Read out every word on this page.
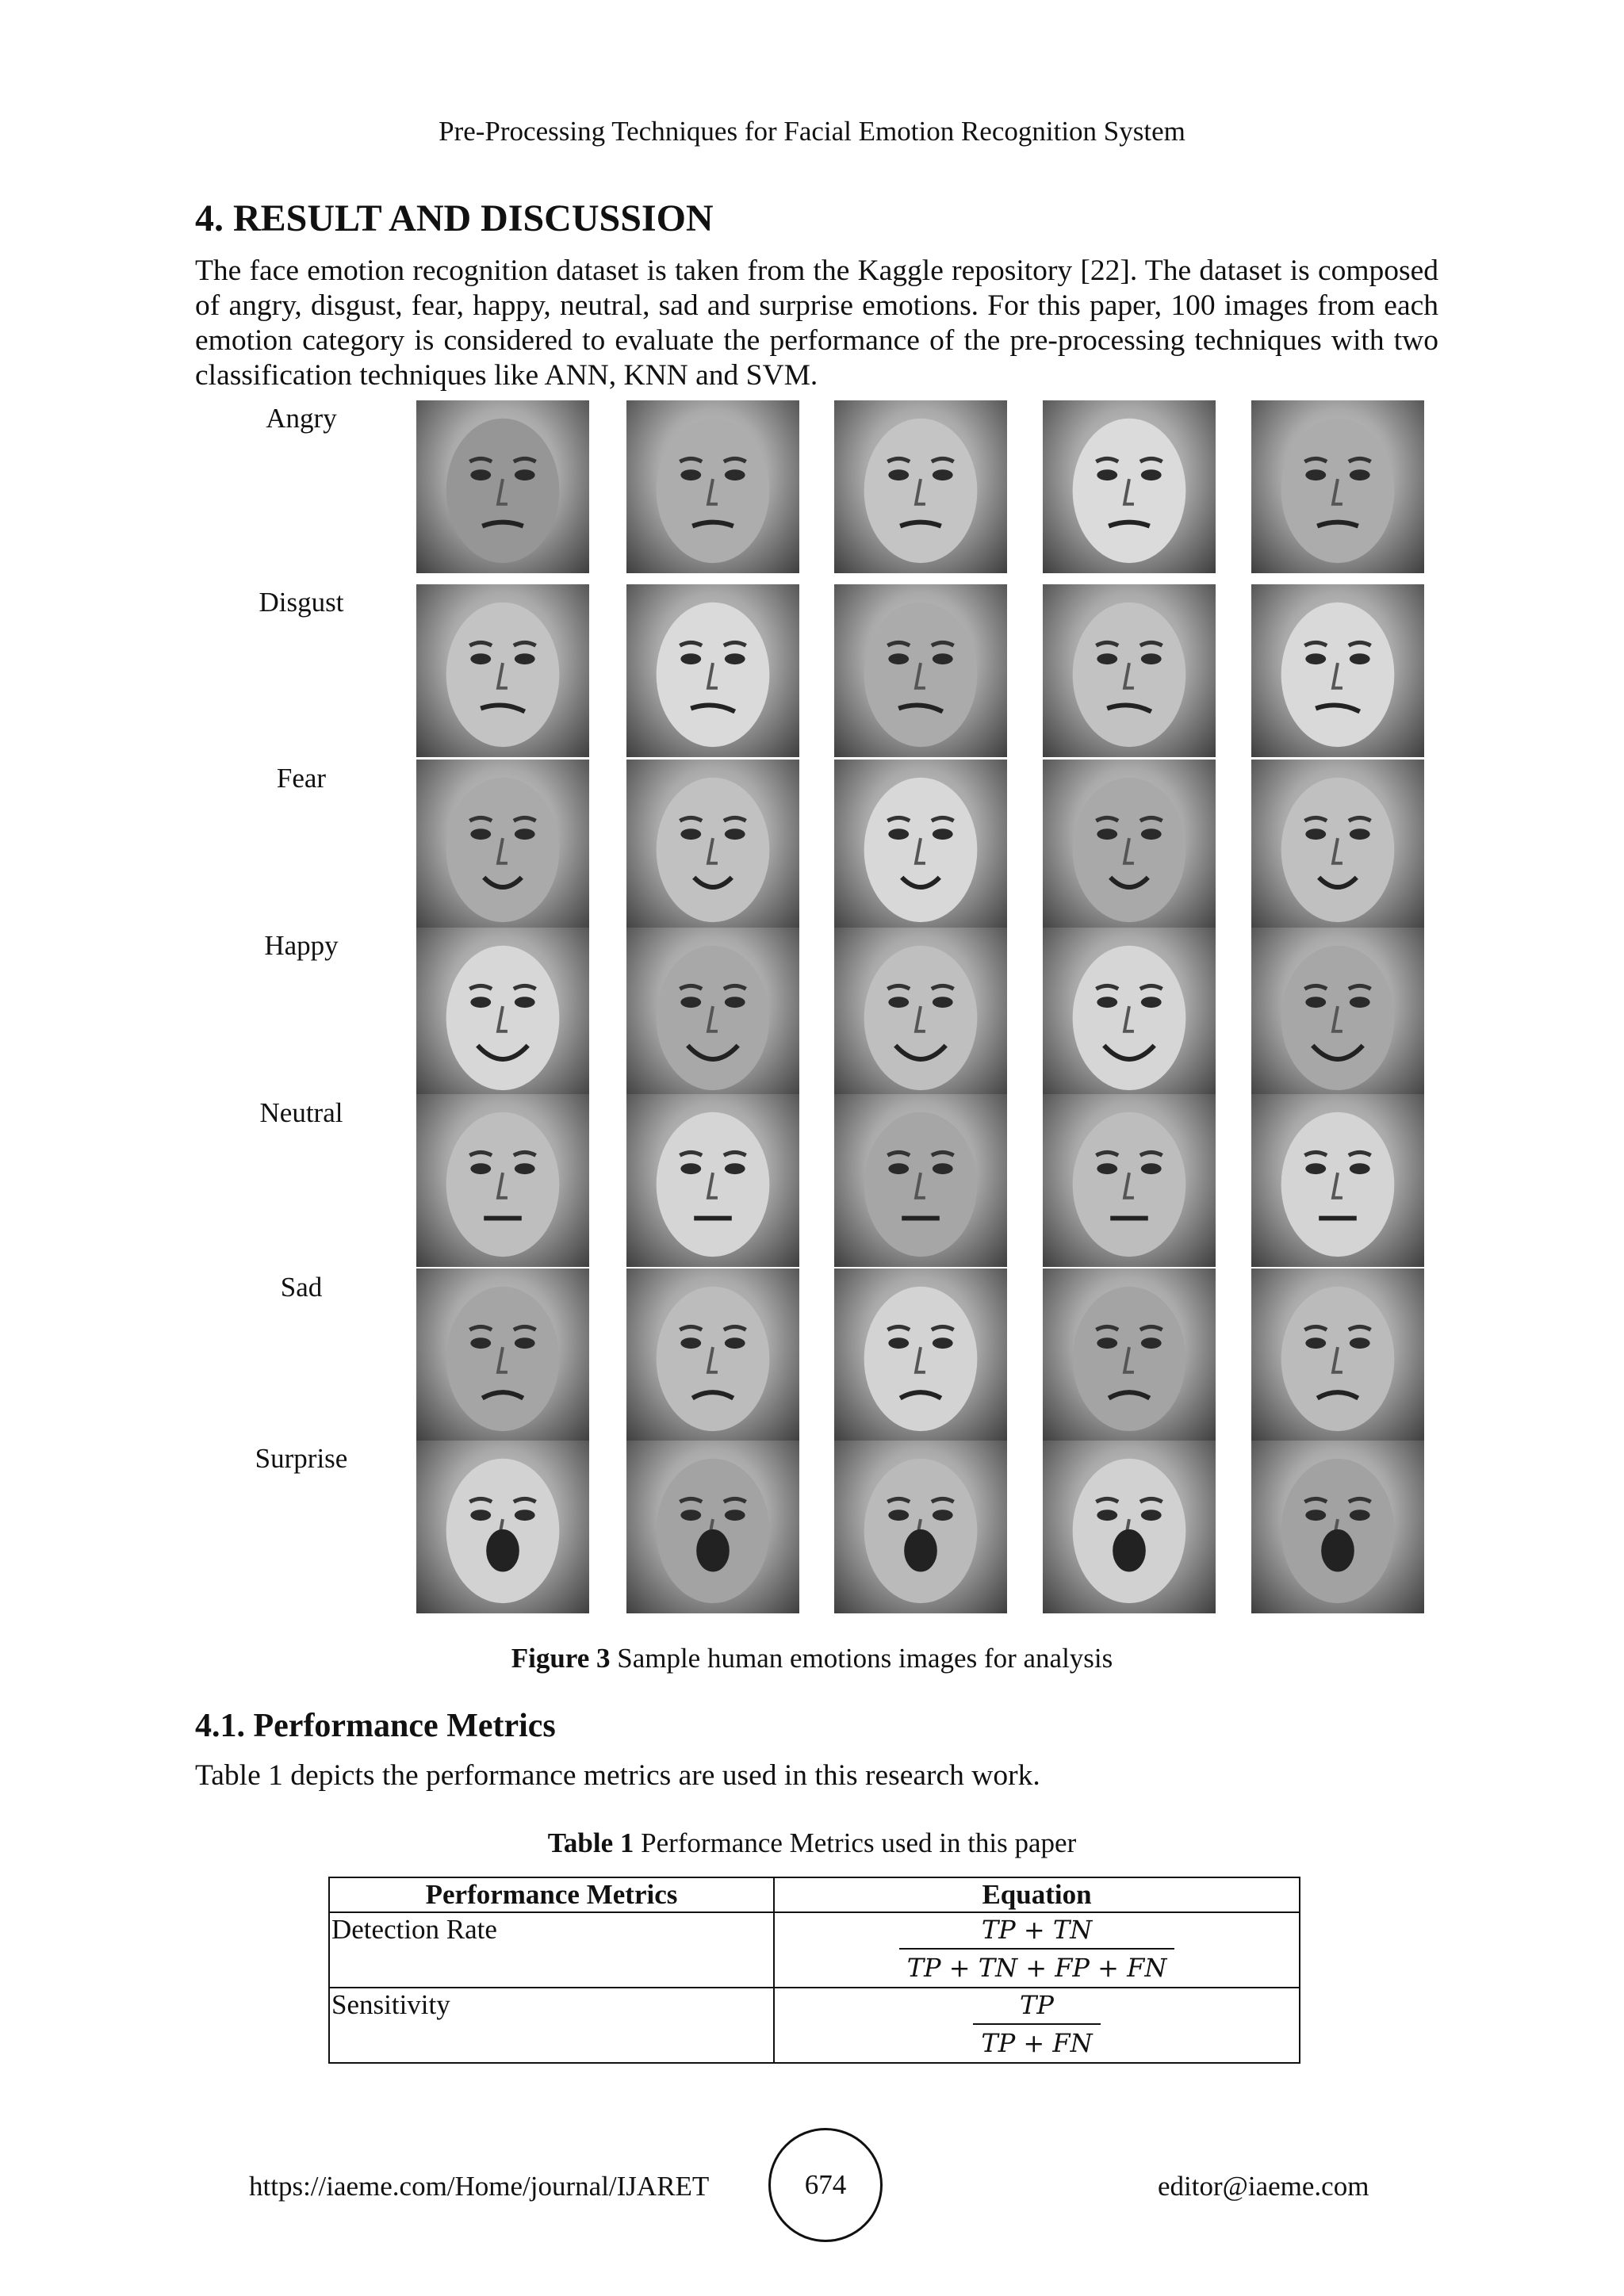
Pre-Processing Techniques for Facial Emotion Recognition System
4. RESULT AND DISCUSSION

The face emotion recognition dataset is taken from the Kaggle repository [22]. The dataset is composed of angry, disgust, fear, happy, neutral, sad and surprise emotions. For this paper, 100 images from each emotion category is considered to evaluate the performance of the pre-processing techniques with two classification techniques like ANN, KNN and SVM.

Angry
Disgust
Fear
Happy
Neutral
Sad
Surprise
Figure 3 Sample human emotions images for analysis
4.1. Performance Metrics

Table 1 depicts the performance metrics are used in this research work.

Table 1 Performance Metrics used in this paper
Performance Metrics	Equation
Detection Rate	$\frac{TP + TN}{TP + TN + FP + FN}$

Sensitivity	$\frac{TP}{TP + FN}$
https://iaeme.com/Home/journal/IJARET	674	editor@iaeme.com
